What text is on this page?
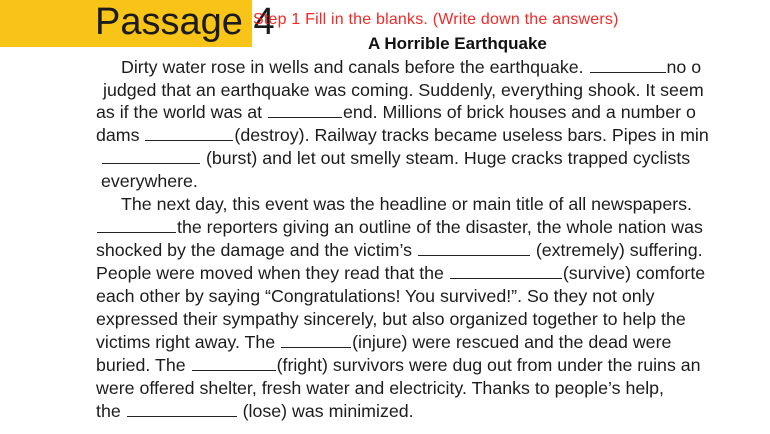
Passage 4
Step 1 Fill in the blanks. (Write down the answers)
A Horrible Earthquake
Dirty water rose in wells and canals before the earthquake.	no o
judged that an earthquake was coming. Suddenly, everything shook. It seem
as if the world was at	end. Millions of brick houses and a number o
dams	(destroy). Railway tracks became useless bars. Pipes in min
(burst) and let out smelly steam. Huge cracks trapped cyclists
everywhere.
The next day, this event was the headline or main title of all newspapers.
the reporters giving an outline of the disaster, the whole nation was
shocked by the damage and the victim’s	(extremely) suffering.
People were moved when they read that the	(survive) comforte
each other by saying “Congratulations! You survived!”. So they not only
expressed their sympathy sincerely, but also organized together to help the
victims right away. The	(injure) were rescued and the dead were
buried. The	(fright) survivors were dug out from under the ruins an
were offered shelter, fresh water and electricity. Thanks to people’s help,
the	(lose) was minimized.
